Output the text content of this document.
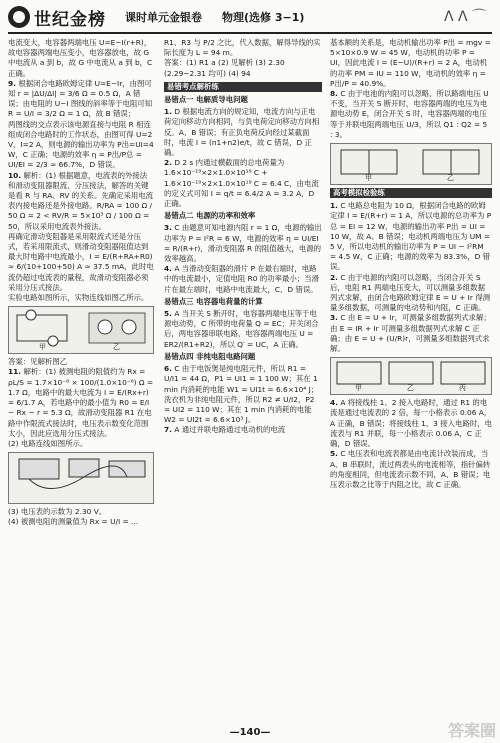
世纪金榜 课时单元金银卷 物理(选修 3−1)	ᐱ ᐱ ⌒

电流变大，电容器两端电压 U=E−I(r+R)，故电容器两端电压变小，电容器放电，故 G 中电流从 a 到 b，故 G 中电流从 a 到 b，C 正确。

9. 根据闭合电路欧姆定律 U=E−Ir，由图可知 r = |ΔU/ΔI| = 3/6 Ω = 0.5 Ω，A 错误；由电阻的 U−I 图线的斜率等于电阻可知 R = U/I = 3/2 Ω = 1 Ω，故 B 错误；

两图线的交点表示该电源直接与电阻 R 相连组成闭合电路时的工作状态，由图可得 U=2 V，I=2 A，则电源的输出功率为 P出=UI=4 W，C 正确；电源的效率 η = P出/P总 = UI/EI = 2/3 ≈ 66.7%，D 错误。

10. 解析：(1) 根据题意，电流表的外接法和滑动变阻器限流、分压接法，解答的关键是看 R 与 RA、RV 的关系。先确定采用电流表内接电路还是外接电路。R/RA = 100 Ω / 50 Ω = 2 < RV/R = 5×10³ Ω / 100 Ω = 50，所以采用电流表外接法。

再确定滑动变阻器是采用限流式还是分压式，若采用限流式，则滑动变阻器阻值达到最大时电路中电流最小，I = E/(R+RA+R0) ≈ 6/(10+100+50) A ≈ 37.5 mA，此时电流仍超过电流表的量程，故滑动变阻器必须采用分压式接法。

实验电路如图所示，实物连线如图乙所示。

甲	乙

答案：见解析图乙

11. 解析：(1) 被测电阻的阻值约为 Rx = ρL/S = 1.7×10⁻⁸ × 100/(1.0×10⁻⁶) Ω = 1.7 Ω，电路中的最大电流为 I = E/(Rx+r) = 6/1.7 A，若电路中的最小值为 R0 = E/I − Rx − r = 5.3 Ω，故滑动变阻器 R1 在电路中作限流式接法时，电压表示数变化范围太小，因此应选用分压式接法。

(2) 电路连线如图所示。

(3) 电压表的示数为 2.30 V。

(4) 被测电阻的测量值为 Rx = U/I = ...

R1、R3 与 P/2 之比，代入数据，解得导线的实际长度为 L = 94 m。

答案：(1) R1 a (2) 见解析 (3) 2.30 (2.29~2.31 均可) (4) 94

易错考点解析练
易错点一 电解质导电问题

1. D 根据电流方向的规定知，电流方向与正电荷定向移动方向相同，与负电荷定向移动方向相反。A、B 错误；有正负电荷反向经过某截面时，电流 I = (n1+n2)e/t，故 C 错误，D 正确。

2. D 2 s 内通过横截面的总电荷量为 1.6×10⁻¹⁹×2×1.0×10¹⁹ C + 1.6×10⁻¹⁹×2×1.0×10¹⁹ C = 6.4 C，由电流的定义式可知 I = q/t = 6.4/2 A = 3.2 A，D 正确。

易错点二 电源的功率和效率

3. C 由题意可知电源内阻 r = 1 Ω，电源的输出功率为 P = I²R = 6 W，电源的效率 η = UI/EI = R/(R+r)，滑动变阻器 R 的阻值越大，电源的效率越高。

4. A 当滑动变阻器的滑片 P 在最右端时，电路中的电流最小，定值电阻 R0 的功率最小；当滑片在最左端时，电路中电流最大，C、D 错误。

易错点三 电容器电荷量的计算

5. A 当开关 S 断开时，电容器两端电压等于电源电动势，C 所带的电荷量 Q = EC；开关闭合后，两电容器串联电路，电容器两端电压 U = ER2/(R1+R2)，所以 Q′ = UC，A 正确。

易错点四 非纯电阻电路问题

6. C 由于电饭煲是纯电阻元件，所以 R1 = U/I1 = 44 Ω，P1 = UI1 = 1 100 W；其在 1 min 内消耗的电能 W1 = UI1t = 6.6×10⁴ J；洗衣机为非纯电阻元件，所以 R2 ≠ U/I2，P2 = UI2 = 110 W；其在 1 min 内消耗的电能 W2 = UI2t = 6.6×10³ J。

7. A 通过并联电路通过电动机的电流

基本额的关系是，电动机输出功率 P出 = mgv = 5×10×0.9 W = 45 W，电动机的功率 P = UI，因此电流 I = (E−U)/(R+r) = 2 A，电动机的功率 PM = IU = 110 W，电动机的效率 η = P出/P = 40.9%。

8. C 由于电池的内阻可以忽略，所以路端电压 U 不变，当开关 S 断开时，电容器两端的电压为电源电动势 E，闭合开关 S 时，电容器两端的电压等于并联电阻两端电压 U/3，所以 Q1 : Q2 = 5 : 3。

甲	乙
高考模拟检验练

1. C 电路总电阻为 10 Ω，根据闭合电路的欧姆定律 I = E/(R+r) = 1 A，所以电源的总功率为 P总 = EI = 12 W，电源的输出功率 P出 = UI = 10 W，故 A、B 错误；电动机两端电压为 UM = 5 V，所以电动机的输出功率为 P = UI − I²RM = 4.5 W，C 正确；电源的效率为 83.3%，D 错误。

2. C 由于电源的内阻可以忽略，当闭合开关 S 后，电阻 R1 两端电压变大，可以测量多组数据列式求解，由闭合电路欧姆定律 E = U + Ir 得测量多组数据，可测量的电动势和内阻，C 正确。

3. C 由 E = U + Ir，可测量多组数据列式求解；由 E = IR + Ir 可测量多组数据列式求解 C 正确；由 E = U + (U/R)r，可测量多组数据列式求解。

甲	乙	丙

4. A 将接线柱 1、2 接入电路时，通过 R1 的电流是通过电流表的 2 倍，每一小格表示 0.06 A，A 正确，B 错误；将接线柱 1、3 接入电路时，电流表与 R1 并联，每一小格表示 0.06 A，C 正确，D 错误。

5. C 电压表和电流表都是由电流计改装而成，当 A、B 串联时，流过两表头的电流相等，指针偏转的角度相同，但电流表示数不同，A、B 错误；电压表示数之比等于内阻之比，故 C 正确。

—140—	答案圈
